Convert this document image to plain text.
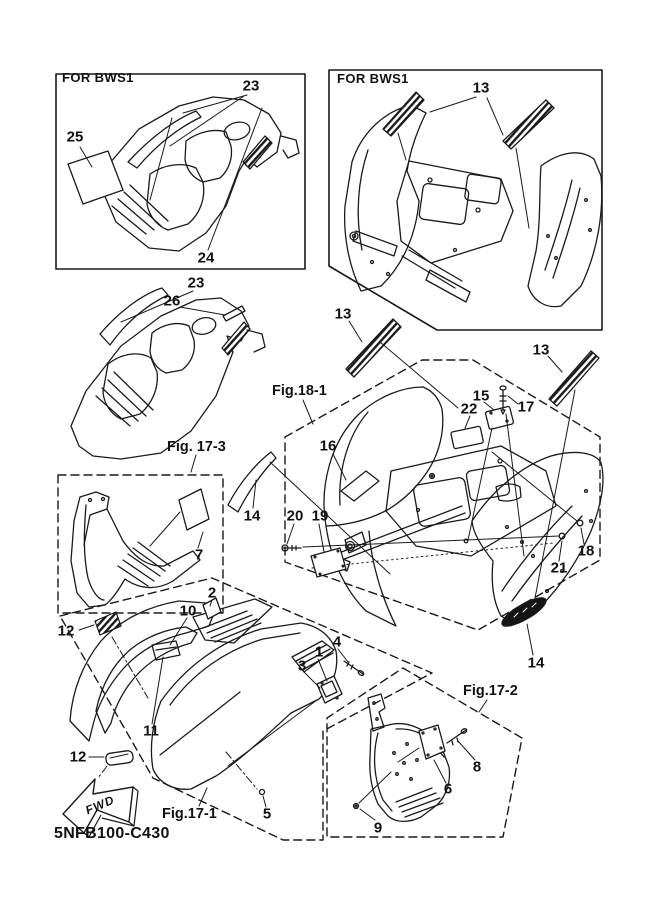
FOR BWS1	FOR BWS1
Fig.18-1
Fig. 17-3
Fig.17-1
Fig.17-2
23
25
24
13
23
26
13
13
15
22	17
16
14 20 19
7	18
21
14
12
2
10
11
1
3
4
12
5
8
6
9
FWD
5NFB100-C430
